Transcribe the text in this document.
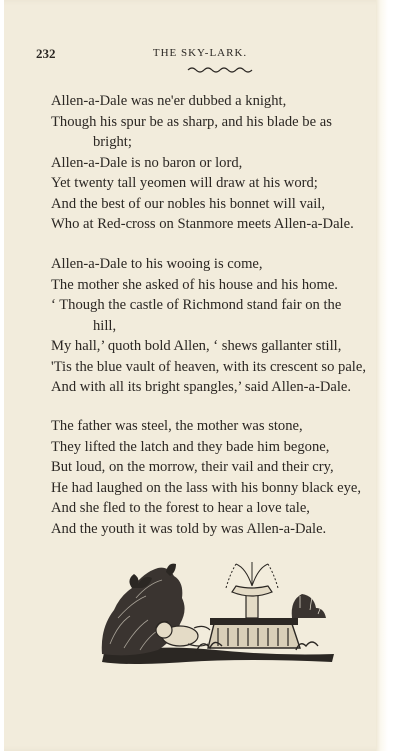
232	THE SKY-LARK.
Allen-a-Dale was ne'er dubbed a knight,
Though his spur be as sharp, and his blade be as
bright;
Allen-a-Dale is no baron or lord,
Yet twenty tall yeomen will draw at his word;
And the best of our nobles his bonnet will vail,
Who at Red-cross on Stanmore meets Allen-a-Dale.
Allen-a-Dale to his wooing is come,
The mother she asked of his house and his home.
‘ Though the castle of Richmond stand fair on the
hill,
My hall,’ quoth bold Allen, ‘ shews gallanter still,
'Tis the blue vault of heaven, with its crescent so pale,
And with all its bright spangles,’ said Allen-a-Dale.
The father was steel, the mother was stone,
They lifted the latch and they bade him begone,
But loud, on the morrow, their vail and their cry,
He had laughed on the lass with his bonny black eye,
And she fled to the forest to hear a love tale,
And the youth it was told by was Allen-a-Dale.
